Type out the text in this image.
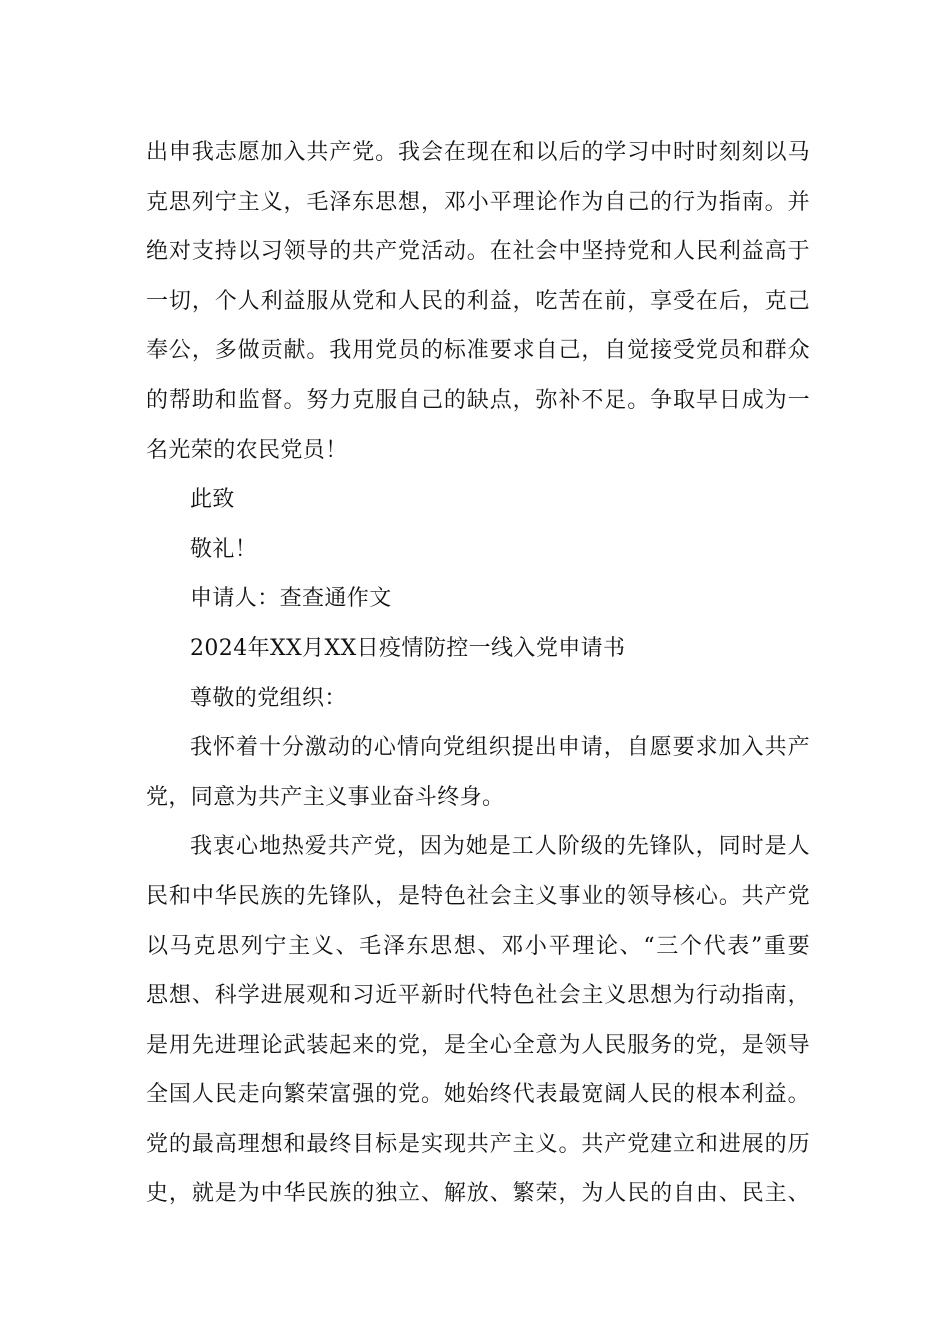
出申我志愿加入共产党。我会在现在和以后的学习中时时刻刻以马
克思列宁主义，毛泽东思想，邓小平理论作为自己的行为指南。并
绝对支持以习领导的共产党活动。在社会中坚持党和人民利益高于
一切，个人利益服从党和人民的利益，吃苦在前，享受在后，克己
奉公，多做贡献。我用党员的标准要求自己，自觉接受党员和群众
的帮助和监督。努力克服自己的缺点，弥补不足。争取早日成为一
名光荣的农民党员！
此致
敬礼！
申请人：查查通作文
2024年XX月XX日疫情防控一线入党申请书
尊敬的党组织：
我怀着十分激动的心情向党组织提出申请，自愿要求加入共产
党，同意为共产主义事业奋斗终身。
我衷心地热爱共产党，因为她是工人阶级的先锋队，同时是人
民和中华民族的先锋队，是特色社会主义事业的领导核心。共产党
以马克思列宁主义、毛泽东思想、邓小平理论、“三个代表”重要
思想、科学进展观和习近平新时代特色社会主义思想为行动指南，
是用先进理论武装起来的党，是全心全意为人民服务的党，是领导
全国人民走向繁荣富强的党。她始终代表最宽阔人民的根本利益。
党的最高理想和最终目标是实现共产主义。共产党建立和进展的历
史，就是为中华民族的独立、解放、繁荣，为人民的自由、民主、
